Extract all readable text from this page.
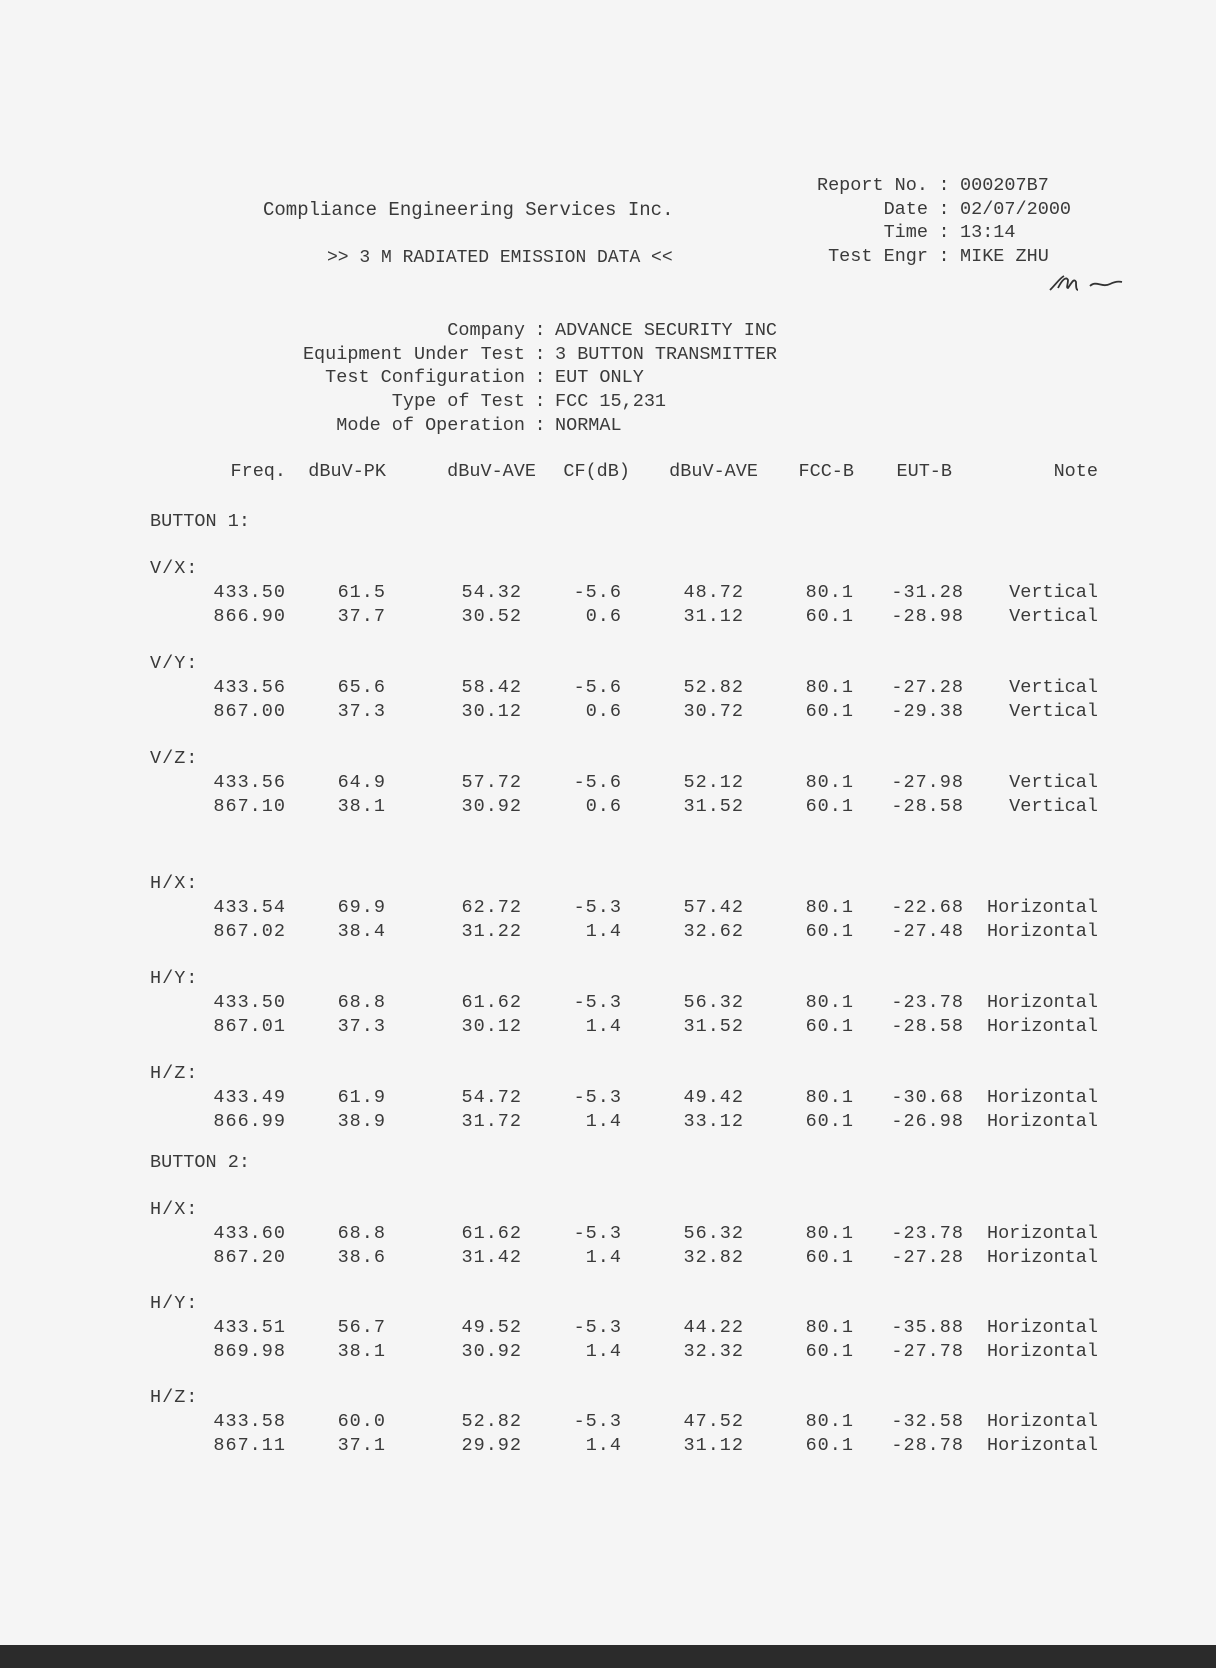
Compliance Engineering Services Inc.
>> 3 M RADIATED EMISSION DATA <<
Report No. : 000207B7
Date : 02/07/2000
Time : 13:14
Test Engr : MIKE ZHU
Company : ADVANCE SECURITY INC
Equipment Under Test : 3 BUTTON TRANSMITTER
Test Configuration : EUT ONLY
Type of Test : FCC 15,231
Mode of Operation : NORMAL
Freq. dBuV-PK	dBuV-AVE CF(dB) dBuV-AVE FCC-B EUT-B	Note
BUTTON 1:
V/X:
433.50	61.5	54.32	-5.6	48.72	80.1 -31.28 Vertical
866.90	37.7	30.52	0.6	31.12	60.1 -28.98 Vertical
V/Y:
433.56	65.6	58.42	-5.6	52.82	80.1 -27.28 Vertical
867.00	37.3	30.12	0.6	30.72	60.1 -29.38 Vertical
V/Z:
433.56	64.9	57.72	-5.6	52.12	80.1 -27.98 Vertical
867.10	38.1	30.92	0.6	31.52	60.1 -28.58 Vertical
H/X:
433.54	69.9	62.72	-5.3	57.42	80.1 -22.68 Horizontal
867.02	38.4	31.22	1.4	32.62	60.1 -27.48 Horizontal
H/Y:
433.50	68.8	61.62	-5.3	56.32	80.1 -23.78 Horizontal
867.01	37.3	30.12	1.4	31.52	60.1 -28.58 Horizontal
H/Z:
433.49	61.9	54.72	-5.3	49.42	80.1 -30.68 Horizontal
866.99	38.9	31.72	1.4	33.12	60.1 -26.98 Horizontal
BUTTON 2:
H/X:
433.60	68.8	61.62	-5.3	56.32	80.1 -23.78 Horizontal
867.20	38.6	31.42	1.4	32.82	60.1 -27.28 Horizontal
H/Y:
433.51	56.7	49.52	-5.3	44.22	80.1 -35.88 Horizontal
869.98	38.1	30.92	1.4	32.32	60.1 -27.78 Horizontal
H/Z:
433.58	60.0	52.82	-5.3	47.52	80.1 -32.58 Horizontal
867.11	37.1	29.92	1.4	31.12	60.1 -28.78 Horizontal
